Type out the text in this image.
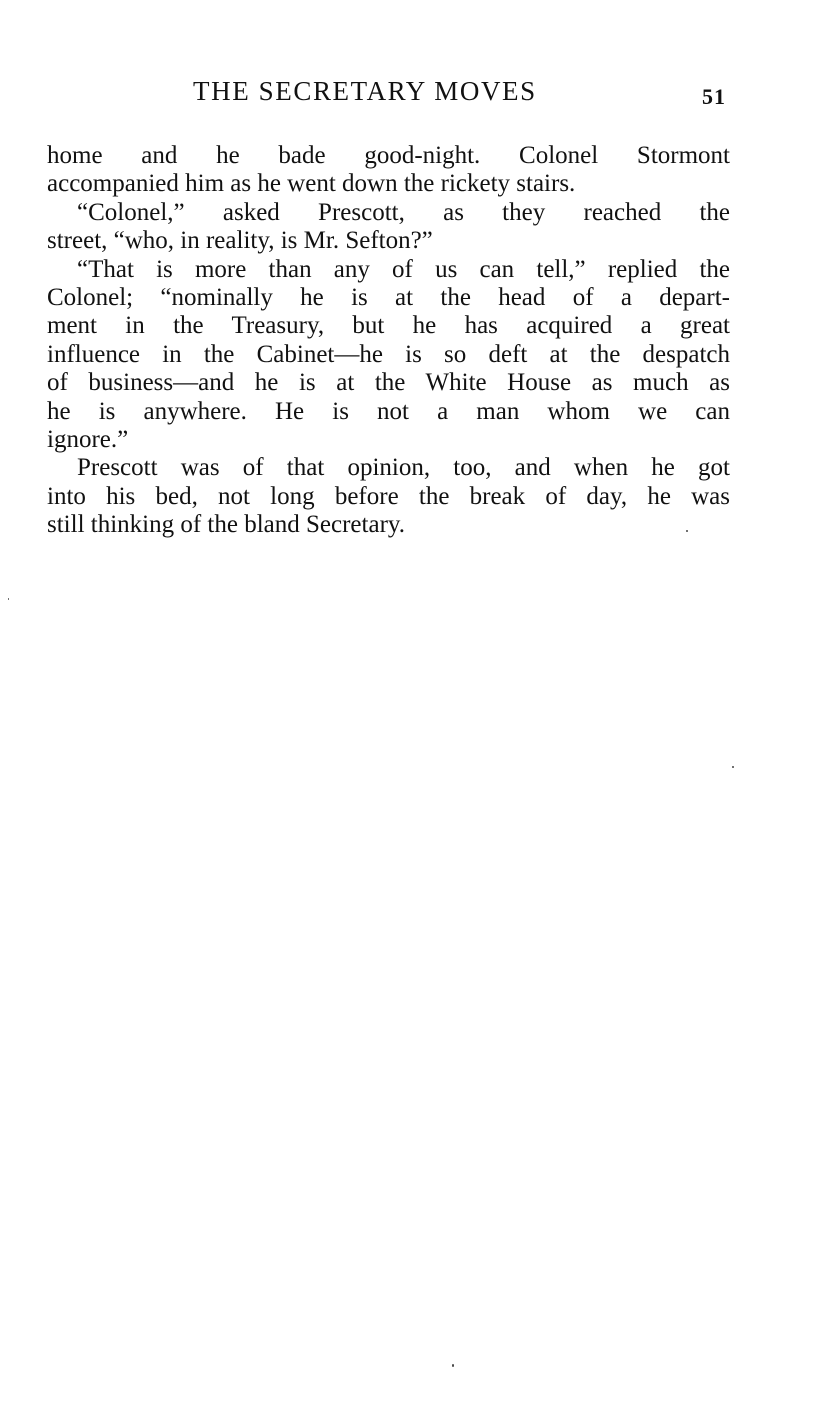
THE SECRETARY MOVES	51
home and he bade good-night. Colonel Stormont
accompanied him as he went down the rickety stairs.
“Colonel,” asked Prescott, as they reached the
street, “who, in reality, is Mr. Sefton?”
“That is more than any of us can tell,” replied the
Colonel; “nominally he is at the head of a depart-
ment in the Treasury, but he has acquired a great
influence in the Cabinet—he is so deft at the despatch
of business—and he is at the White House as much as
he is anywhere. He is not a man whom we can
ignore.”
Prescott was of that opinion, too, and when he got
into his bed, not long before the break of day, he was
still thinking of the bland Secretary.
